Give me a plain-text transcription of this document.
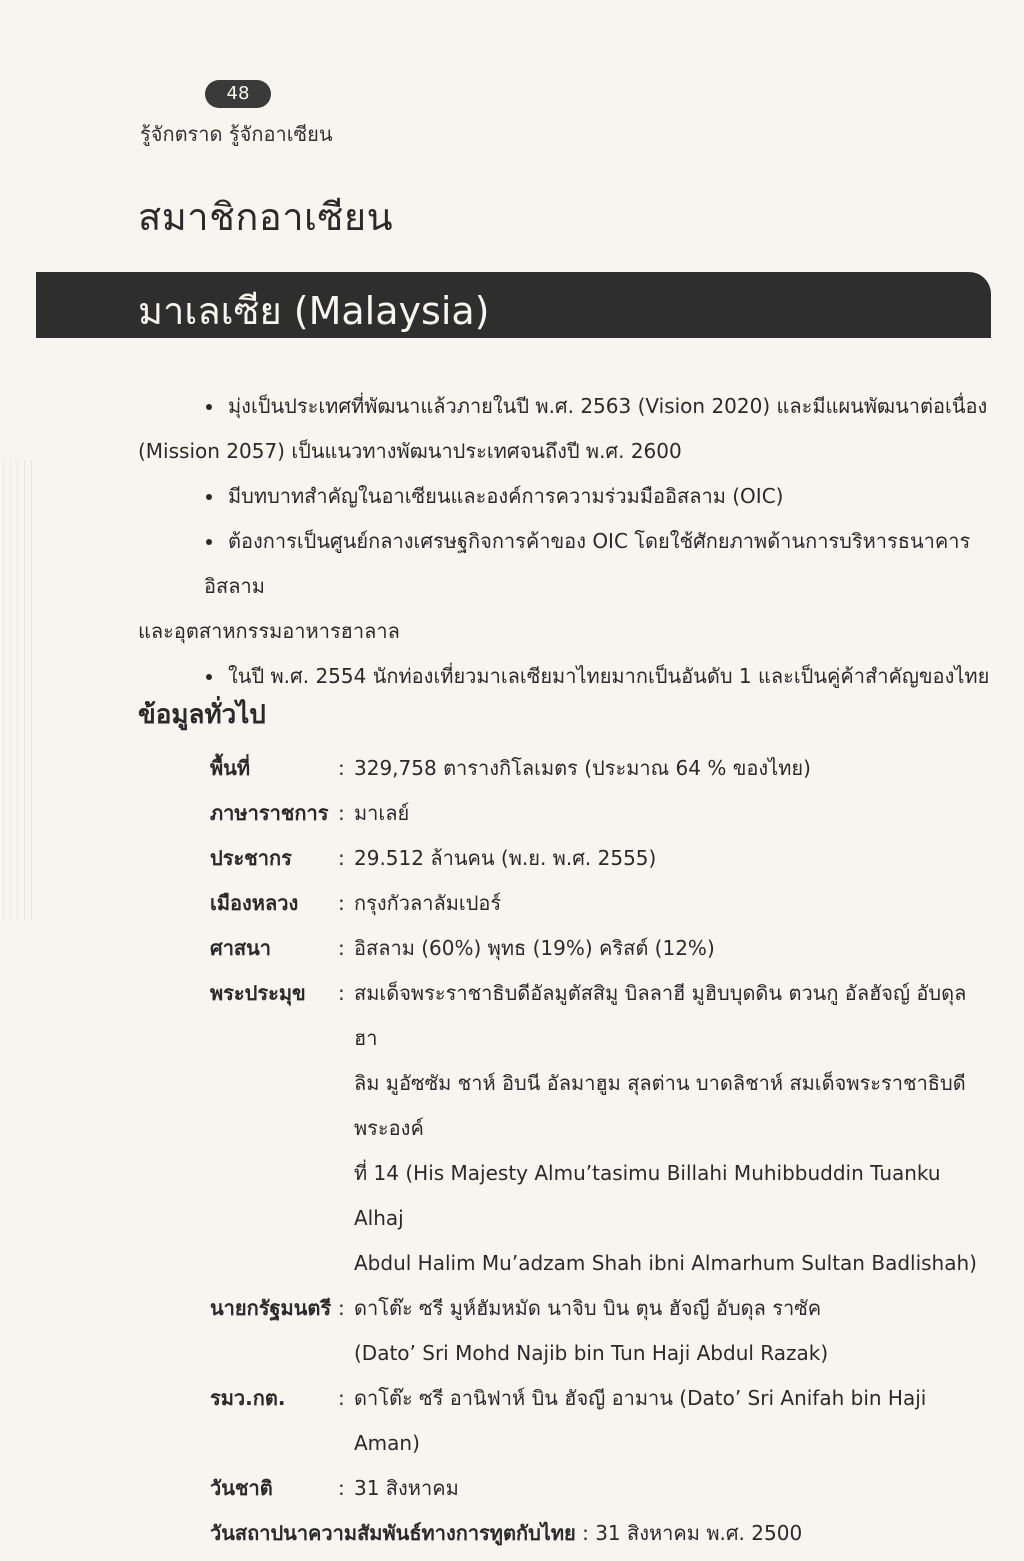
48
รู้จักตราด รู้จักอาเซียน
สมาชิกอาเซียน
มาเลเซีย (Malaysia)
มุ่งเป็นประเทศที่พัฒนาแล้วภายในปี พ.ศ. 2563 (Vision 2020) และมีแผนพัฒนาต่อเนื่อง
(Mission 2057) เป็นแนวทางพัฒนาประเทศจนถึงปี พ.ศ. 2600
มีบทบาทสำคัญในอาเซียนและองค์การความร่วมมืออิสลาม (OIC)
ต้องการเป็นศูนย์กลางเศรษฐกิจการค้าของ OIC โดยใช้ศักยภาพด้านการบริหารธนาคารอิสลาม
และอุตสาหกรรมอาหารฮาลาล
ในปี พ.ศ. 2554 นักท่องเที่ยวมาเลเซียมาไทยมากเป็นอันดับ 1 และเป็นคู่ค้าสำคัญของไทย
ข้อมูลทั่วไป
พื้นที่	: 329,758 ตารางกิโลเมตร (ประมาณ 64 % ของไทย)
ภาษาราชการ : มาเลย์
ประชากร	: 29.512 ล้านคน (พ.ย. พ.ศ. 2555)
เมืองหลวง	: กรุงกัวลาลัมเปอร์
ศาสนา	: อิสลาม (60%) พุทธ (19%) คริสต์ (12%)
พระประมุข	: สมเด็จพระราชาธิบดีอัลมูตัสสิมู บิลลาฮี มูฮิบบุดดิน ตวนกู อัลฮัจญ์ อับดุล ฮา
ลิม มูอัซซัม ชาห์ อิบนี อัลมาฮูม สุลต่าน บาดลิชาห์ สมเด็จพระราชาธิบดีพระองค์
ที่ 14 (His Majesty Almu’tasimu Billahi Muhibbuddin Tuanku Alhaj
Abdul Halim Mu’adzam Shah ibni Almarhum Sultan Badlishah)
นายกรัฐมนตรี : ดาโต๊ะ ซรี มูห์ฮัมหมัด นาจิบ บิน ตุน ฮัจญี อับดุล ราซัค
(Dato’ Sri Mohd Najib bin Tun Haji Abdul Razak)
รมว.กต.	: ดาโต๊ะ ซรี อานิฟาห์ บิน ฮัจญี อามาน (Dato’ Sri Anifah bin Haji Aman)
วันชาติ	: 31 สิงหาคม
วันสถาปนาความสัมพันธ์ทางการทูตกับไทย : 31 สิงหาคม พ.ศ. 2500
